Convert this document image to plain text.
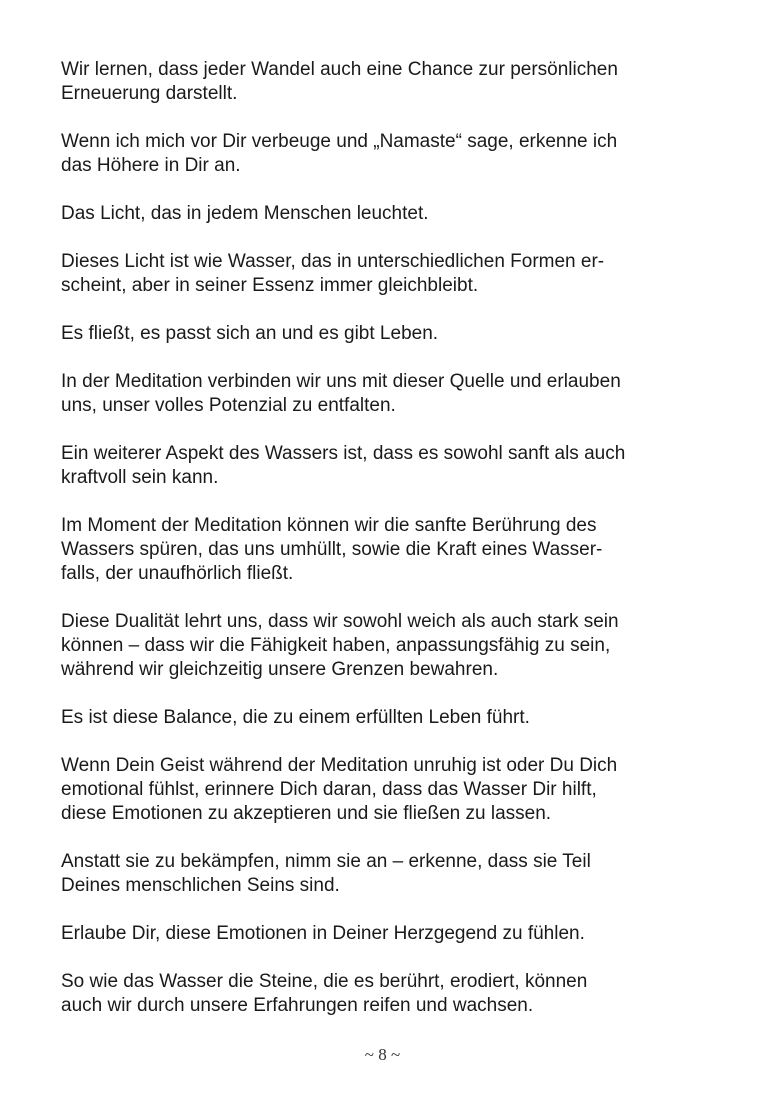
Wir lernen, dass jeder Wandel auch eine Chance zur persönlichen
Erneuerung darstellt.

Wenn ich mich vor Dir verbeuge und „Namaste“ sage, erkenne ich
das Höhere in Dir an.

Das Licht, das in jedem Menschen leuchtet.

Dieses Licht ist wie Wasser, das in unterschiedlichen Formen er-
scheint, aber in seiner Essenz immer gleichbleibt.

Es fließt, es passt sich an und es gibt Leben.

In der Meditation verbinden wir uns mit dieser Quelle und erlauben
uns, unser volles Potenzial zu entfalten.

Ein weiterer Aspekt des Wassers ist, dass es sowohl sanft als auch
kraftvoll sein kann.

Im Moment der Meditation können wir die sanfte Berührung des
Wassers spüren, das uns umhüllt, sowie die Kraft eines Wasser-
falls, der unaufhörlich fließt.

Diese Dualität lehrt uns, dass wir sowohl weich als auch stark sein
können – dass wir die Fähigkeit haben, anpassungsfähig zu sein,
während wir gleichzeitig unsere Grenzen bewahren.

Es ist diese Balance, die zu einem erfüllten Leben führt.

Wenn Dein Geist während der Meditation unruhig ist oder Du Dich
emotional fühlst, erinnere Dich daran, dass das Wasser Dir hilft,
diese Emotionen zu akzeptieren und sie fließen zu lassen.

Anstatt sie zu bekämpfen, nimm sie an – erkenne, dass sie Teil
Deines menschlichen Seins sind.

Erlaube Dir, diese Emotionen in Deiner Herzgegend zu fühlen.

So wie das Wasser die Steine, die es berührt, erodiert, können
auch wir durch unsere Erfahrungen reifen und wachsen.

~ 8 ~
